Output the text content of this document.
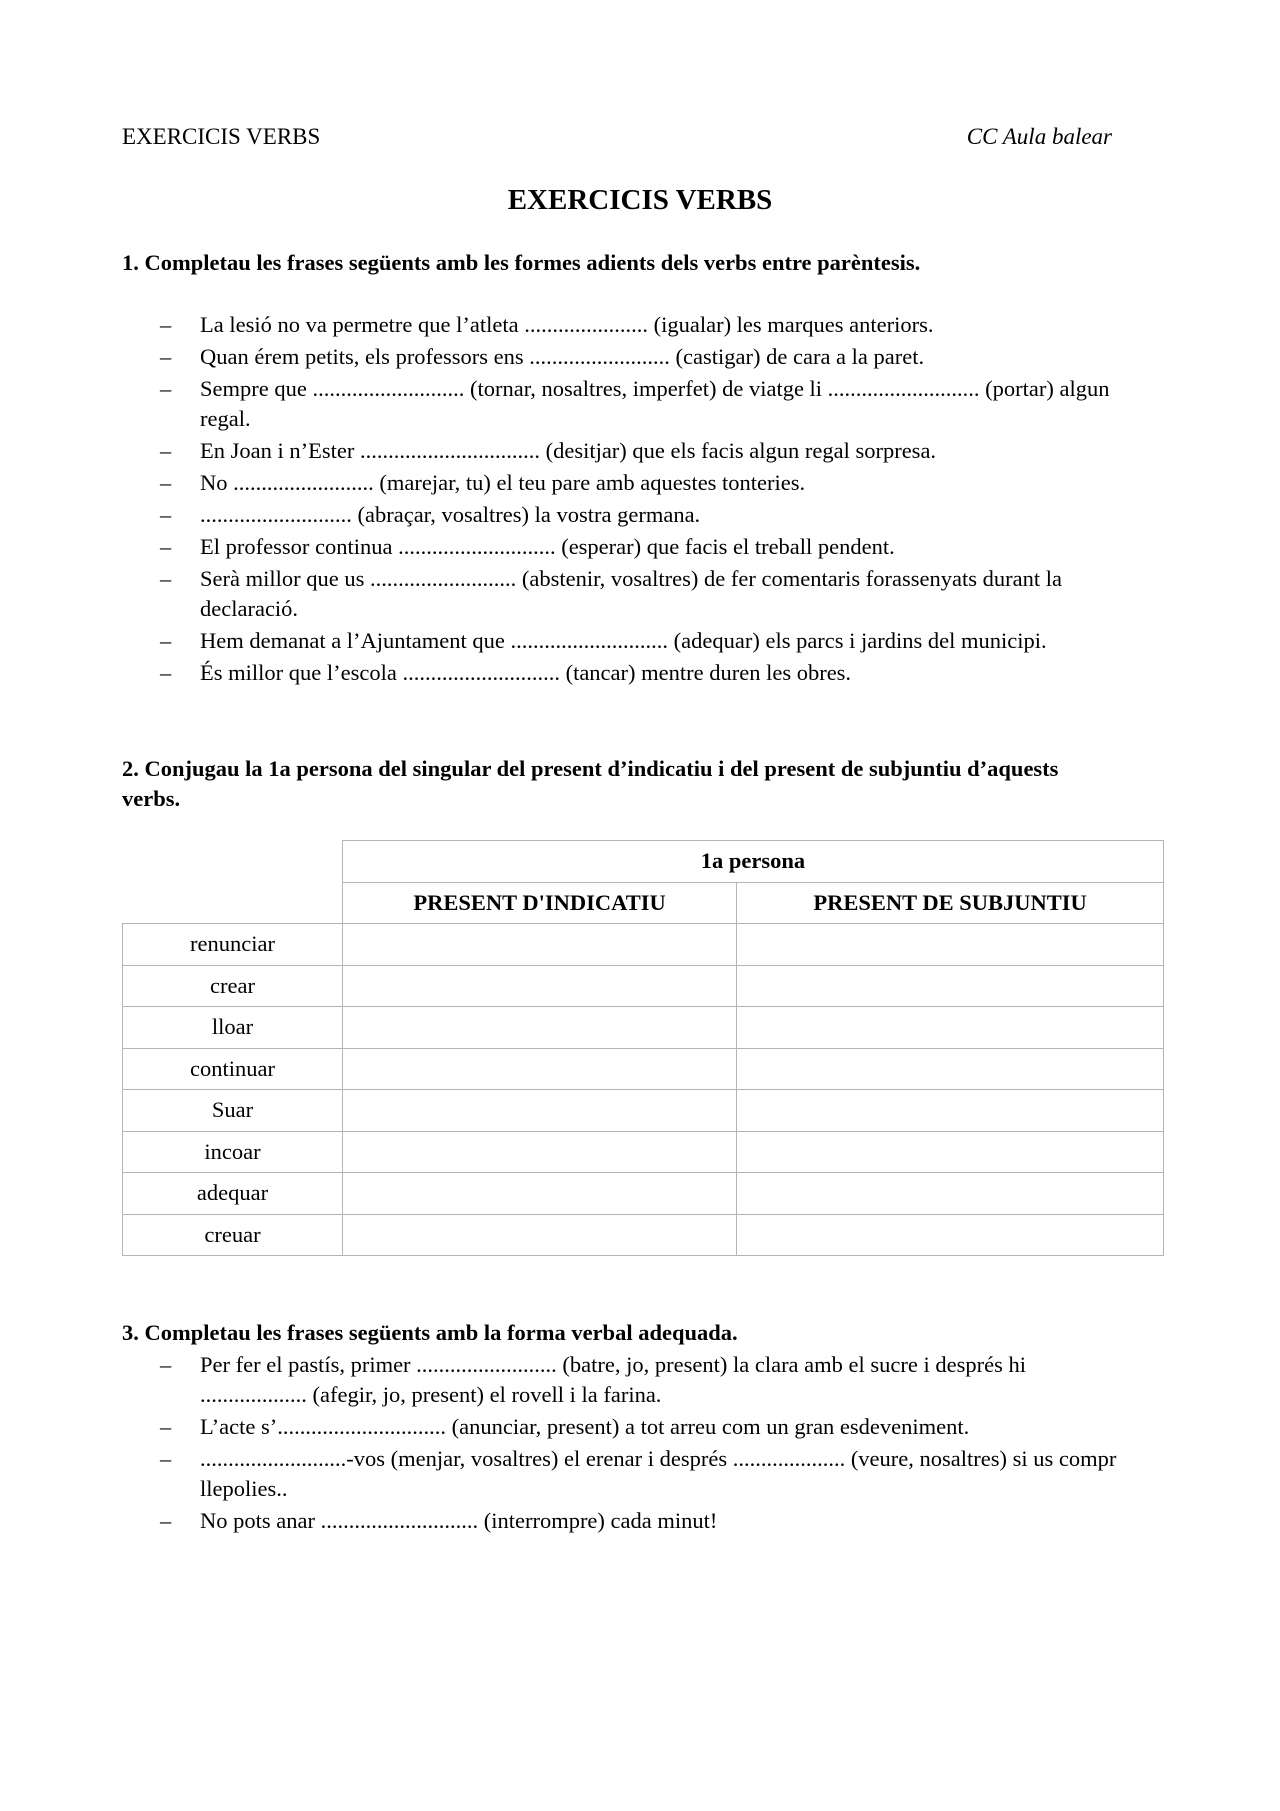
EXERCICIS VERBS	CC Aula balear
EXERCICIS VERBS
1. Completau les frases següents amb les formes adients dels verbs entre parèntesis.
– La lesió no va permetre que l’atleta ...................... (igualar) les marques anteriors.
– Quan érem petits, els professors ens ......................... (castigar) de cara a la paret.
– Sempre que ........................... (tornar, nosaltres, imperfet) de viatge li ........................... (portar) algun regal.
– En Joan i n’Ester ................................ (desitjar) que els facis algun regal sorpresa.
– No ......................... (marejar, tu) el teu pare amb aquestes tonteries.
– ........................... (abraçar, vosaltres) la vostra germana.
– El professor continua ............................ (esperar) que facis el treball pendent.
– Serà millor que us .......................... (abstenir, vosaltres) de fer comentaris forassenyats durant la declaració.
– Hem demanat a l’Ajuntament que ............................ (adequar) els parcs i jardins del municipi.
– És millor que l’escola ............................ (tancar) mentre duren les obres.
2. Conjugau la 1a persona del singular del present d’indicatiu i del present de subjuntiu d’aquests verbs.
	1a persona	
	PRESENT D'INDICATIU	PRESENT DE SUBJUNTIU
renunciar		
crear		
lloar		
continuar		
Suar		
incoar		
adequar		
creuar		
3. Completau les frases següents amb la forma verbal adequada.
– Per fer el pastís, primer ......................... (batre, jo, present) la clara amb el sucre i després hi ................... (afegir, jo, present) el rovell i la farina.
– L’acte s’.............................. (anunciar, present) a tot arreu com un gran esdeveniment.
– ..........................-vos (menjar, vosaltres) el erenar i després .................... (veure, nosaltres) si us compr llepolies..
– No pots anar ............................ (interrompre) cada minut!
